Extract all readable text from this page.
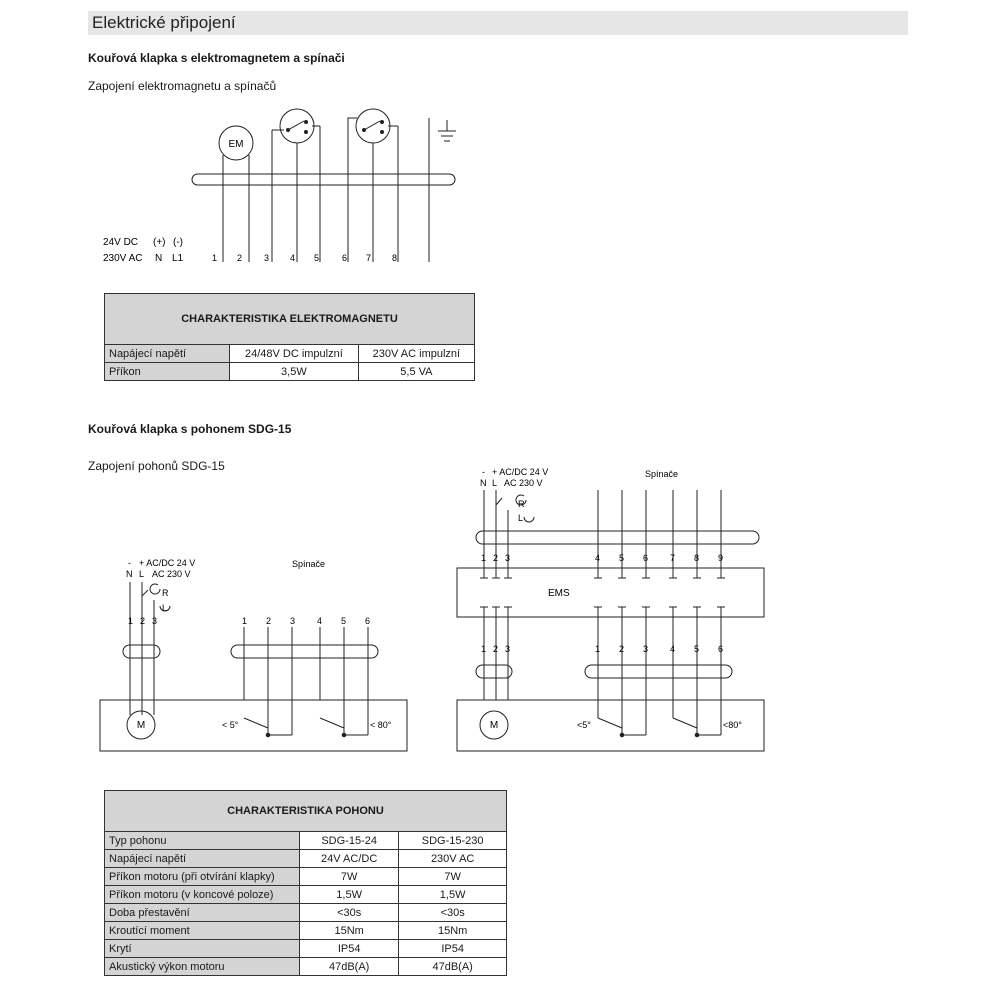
Elektrické připojení
Kouřová klapka s elektromagnetem a spínači
Zapojení elektromagnetu a spínačů
EM
24V DC (+) (-)
230V AC N L1	1 2 3 4 5	6 7 8
- + AC/DC 24 V
N L AC 230 V
R
L
Spínače
1 2 3	1 2 3 4 5 6
M	< 5°	< 80°
- + AC/DC 24 V
N L AC 230 V
R
L
Spínače
1 2 3	4 5 6 7 8 9
EMS
1 2 3	1 2 3 4 5 6
M	<5°	<80°
CHARAKTERISTIKA ELEKTROMAGNETU		
Napájecí napětí	24/48V DC impulzní	230V AC impulzní
Příkon	3,5W	5,5 VA
Kouřová klapka s pohonem SDG-15
Zapojení pohonů SDG-15
CHARAKTERISTIKA POHONU		
Typ pohonu	SDG-15-24	SDG-15-230
Napájecí napětí	24V AC/DC	230V AC
Příkon motoru (při otvírání klapky)	7W	7W
Příkon motoru (v koncové poloze)	1,5W	1,5W
Doba přestavění	<30s	<30s
Kroutící moment	15Nm	15Nm
Krytí	IP54	IP54
Akustický výkon motoru	47dB(A)	47dB(A)
